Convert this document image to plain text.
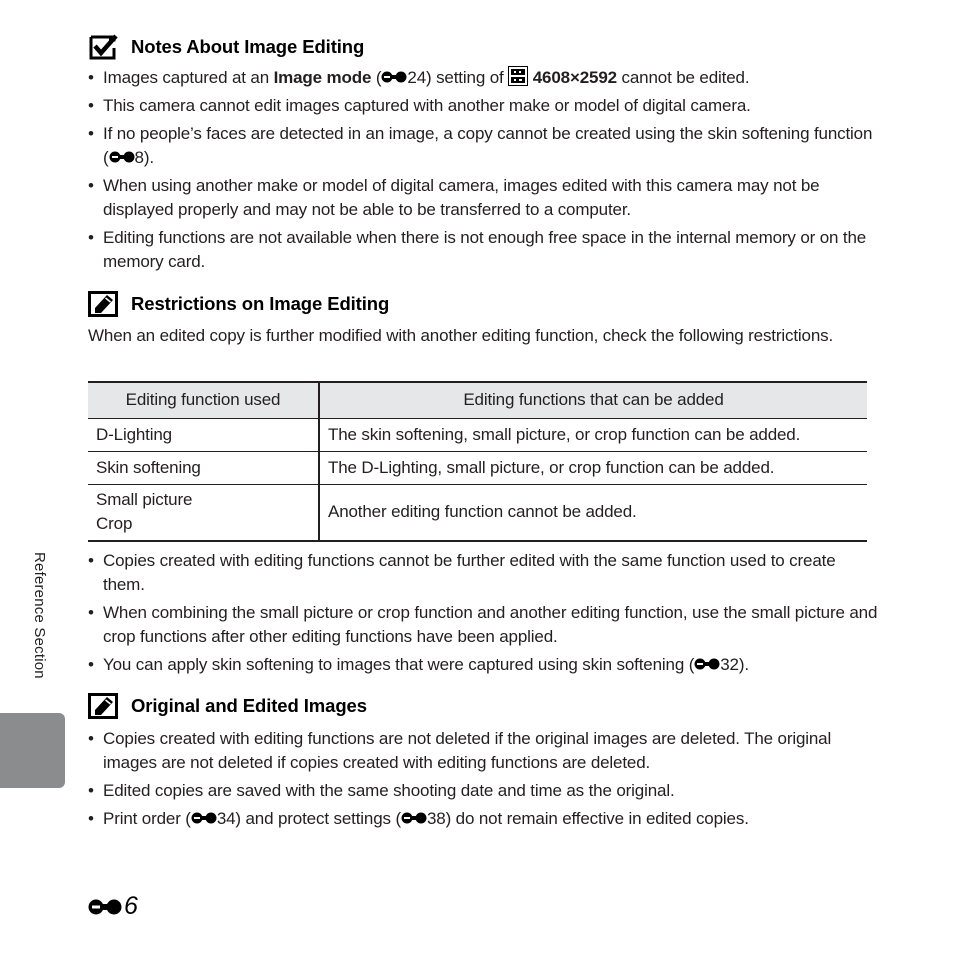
Notes About Image Editing
• Images captured at an Image mode ( 24) setting of  4608×2592 cannot be edited.
• This camera cannot edit images captured with another make or model of digital camera.
• If no people’s faces are detected in an image, a copy cannot be created using the skin softening function ( 8).
• When using another make or model of digital camera, images edited with this camera may not be displayed properly and may not be able to be transferred to a computer.
• Editing functions are not available when there is not enough free space in the internal memory or on the memory card.
Restrictions on Image Editing

When an edited copy is further modified with another editing function, check the following restrictions.

Editing function used	Editing functions that can be added
D-Lighting	The skin softening, small picture, or crop function can be added.
Skin softening	The D-Lighting, small picture, or crop function can be added.
Small picture
Crop	Another editing function cannot be added.
• Copies created with editing functions cannot be further edited with the same function used to create them.
• When combining the small picture or crop function and another editing function, use the small picture and crop functions after other editing functions have been applied.
• You can apply skin softening to images that were captured using skin softening ( 32).
Original and Edited Images
• Copies created with editing functions are not deleted if the original images are deleted. The original images are not deleted if copies created with editing functions are deleted.
• Edited copies are saved with the same shooting date and time as the original.
• Print order ( 34) and protect settings ( 38) do not remain effective in edited copies.
Reference Section
6
